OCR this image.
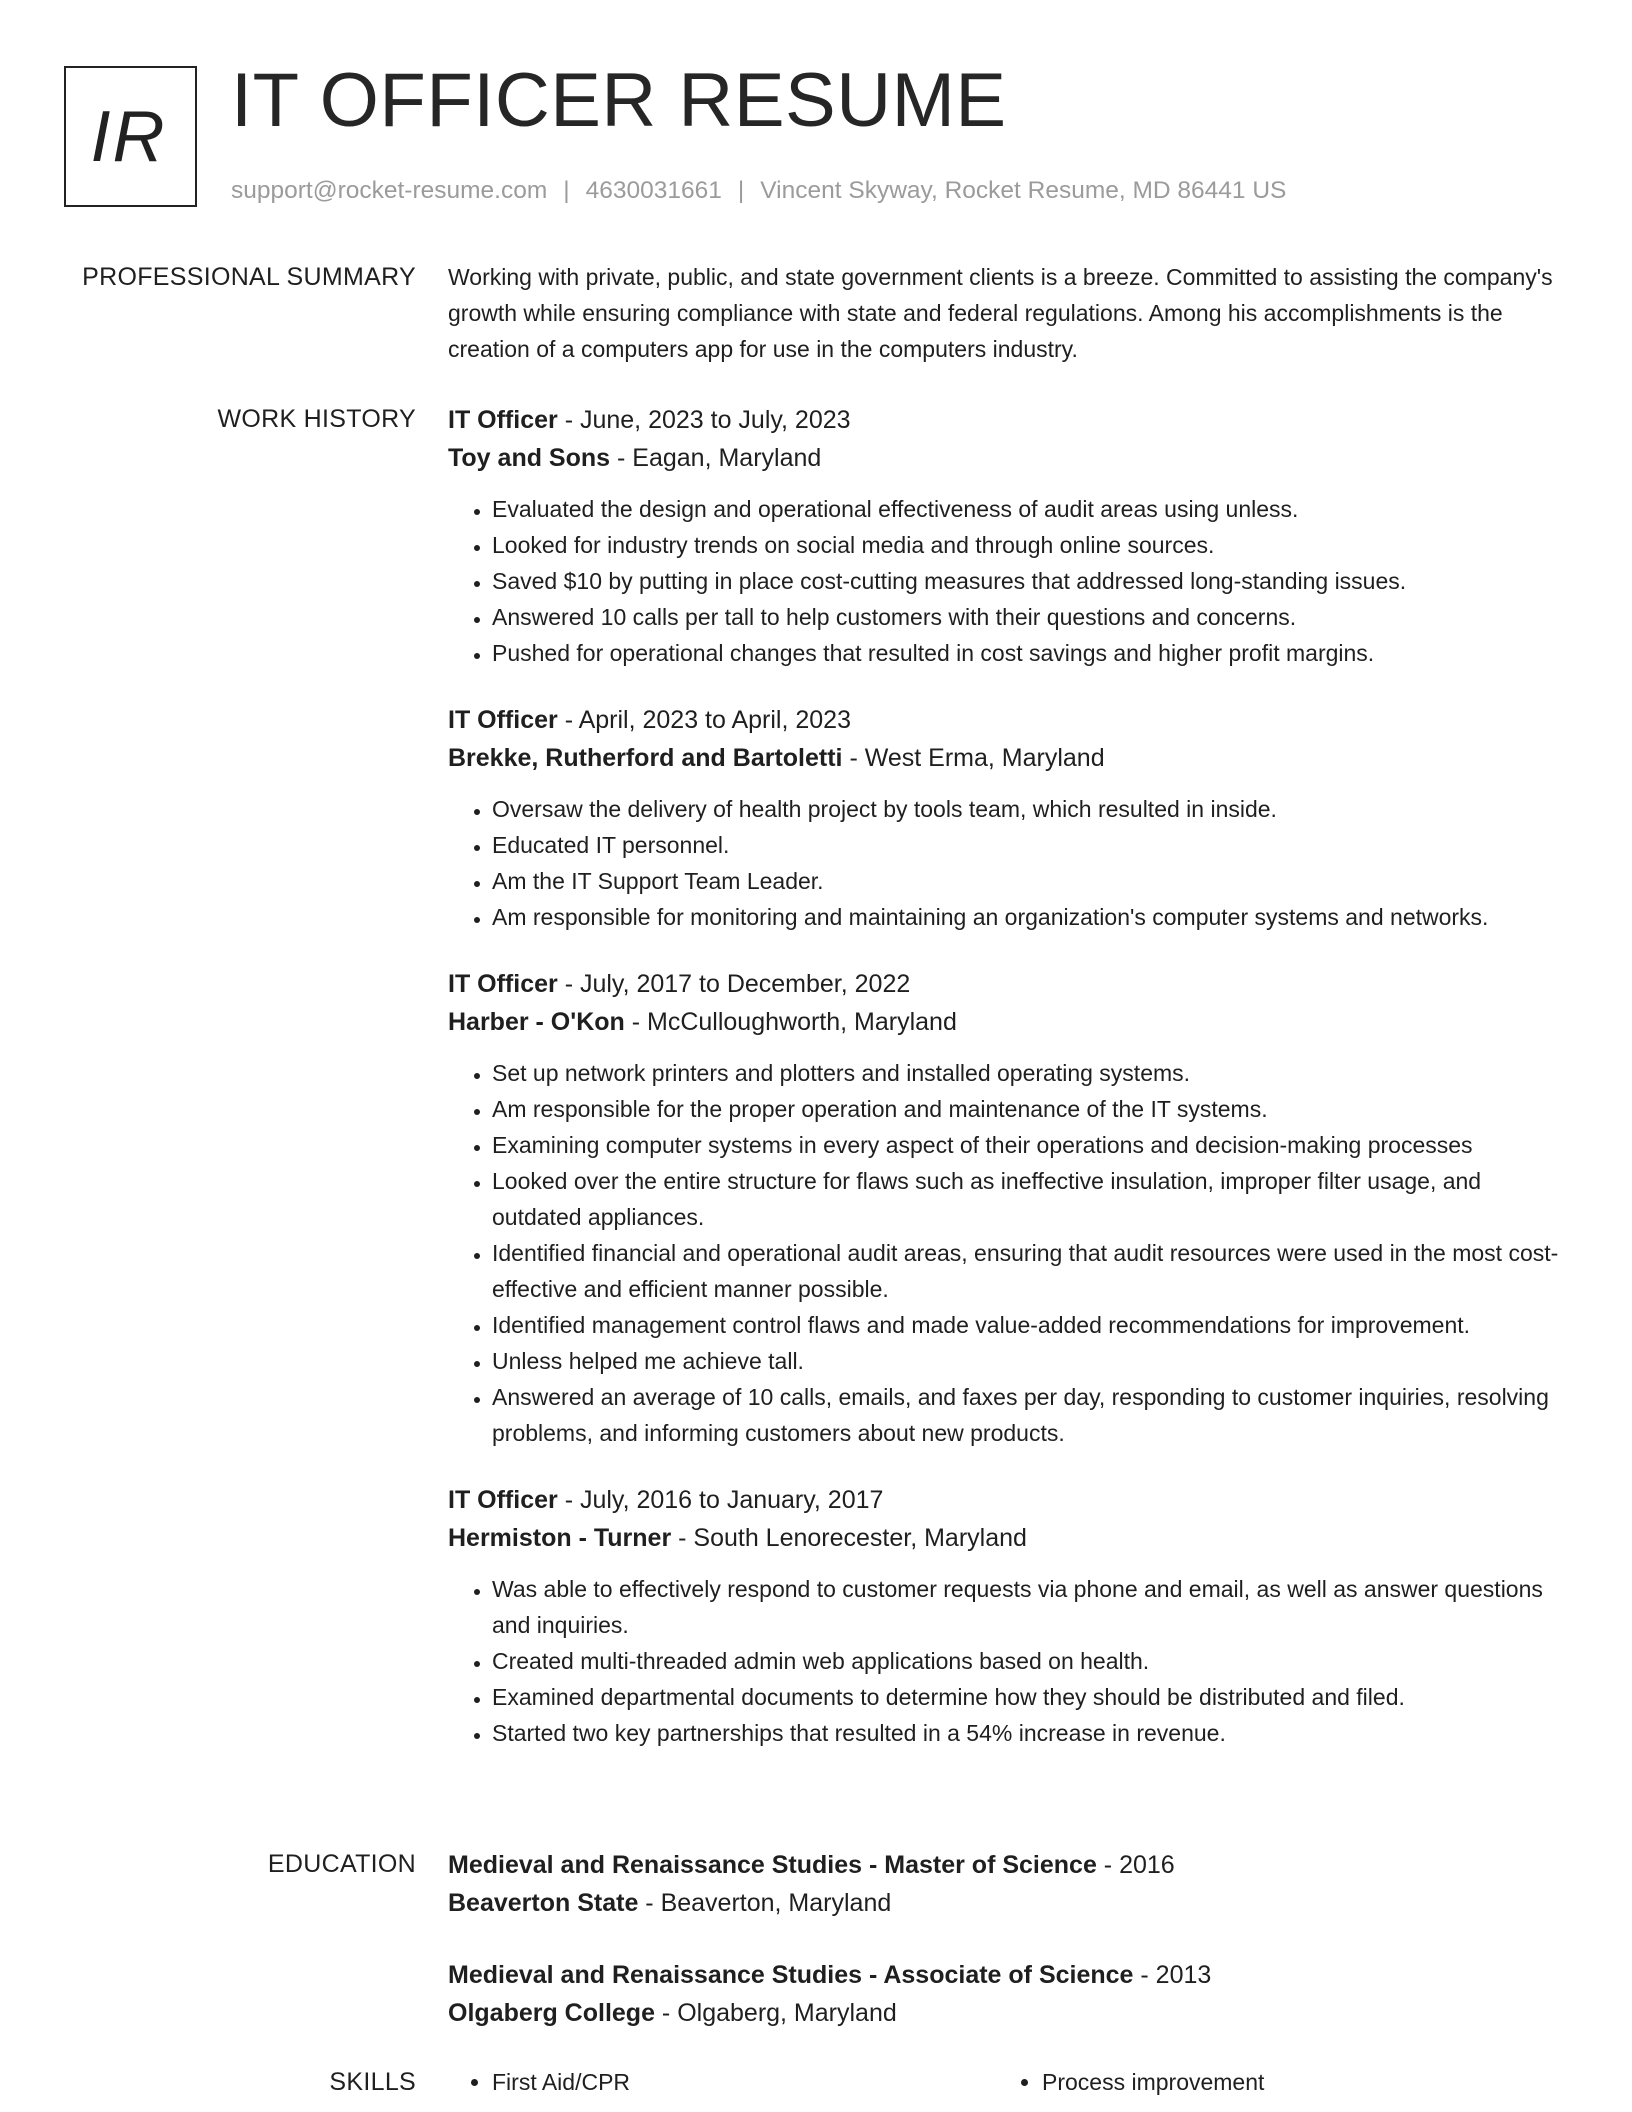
IR IT OFFICER RESUME
support@rocket-resume.com | 4630031661 | Vincent Skyway, Rocket Resume, MD 86441 US
PROFESSIONAL SUMMARY Working with private, public, and state government clients is a breeze. Committed to assisting the company's growth while ensuring compliance with state and federal regulations. Among his accomplishments is the creation of a computers app for use in the computers industry.

WORK HISTORY IT Officer - June, 2023 to July, 2023

Toy and Sons - Eagan, Maryland

• Evaluated the design and operational effectiveness of audit areas using unless.
• Looked for industry trends on social media and through online sources.
• Saved $10 by putting in place cost-cutting measures that addressed long-standing issues.
• Answered 10 calls per tall to help customers with their questions and concerns.
• Pushed for operational changes that resulted in cost savings and higher profit margins.

IT Officer - April, 2023 to April, 2023

Brekke, Rutherford and Bartoletti - West Erma, Maryland

• Oversaw the delivery of health project by tools team, which resulted in inside.
• Educated IT personnel.
• Am the IT Support Team Leader.
• Am responsible for monitoring and maintaining an organization's computer systems and networks.

IT Officer - July, 2017 to December, 2022

Harber - O'Kon - McCulloughworth, Maryland

• Set up network printers and plotters and installed operating systems.
• Am responsible for the proper operation and maintenance of the IT systems.
• Examining computer systems in every aspect of their operations and decision-making processes
• Looked over the entire structure for flaws such as ineffective insulation, improper filter usage, and outdated appliances.
• Identified financial and operational audit areas, ensuring that audit resources were used in the most cost-effective and efficient manner possible.
• Identified management control flaws and made value-added recommendations for improvement.
• Unless helped me achieve tall.
• Answered an average of 10 calls, emails, and faxes per day, responding to customer inquiries, resolving problems, and informing customers about new products.

IT Officer - July, 2016 to January, 2017

Hermiston - Turner - South Lenorecester, Maryland

• Was able to effectively respond to customer requests via phone and email, as well as answer questions and inquiries.
• Created multi-threaded admin web applications based on health.
• Examined departmental documents to determine how they should be distributed and filed.
• Started two key partnerships that resulted in a 54% increase in revenue.
EDUCATION Medieval and Renaissance Studies - Master of Science - 2016

Beaverton State - Beaverton, Maryland

Medieval and Renaissance Studies - Associate of Science - 2013

Olgaberg College - Olgaberg, Maryland

SKILLS	• First Aid/CPR	• Process improvement
